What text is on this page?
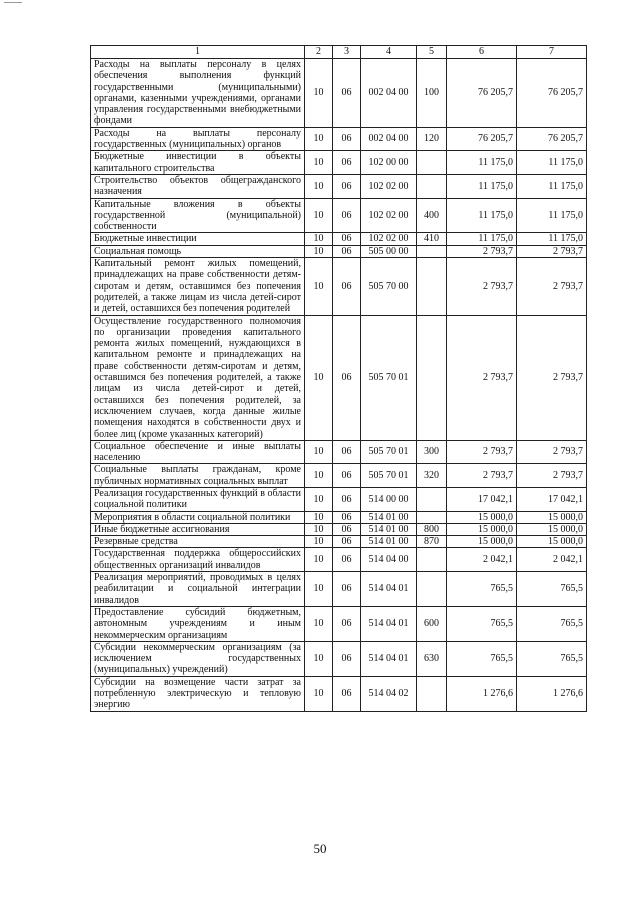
1	2	3	4	5	6	7
Расходы на выплаты персоналу в целях обеспечения выполнения функций государственными (муниципальными) органами, казенными учреждениями, органами управления государственными внебюджетными фондами	10	06	002 04 00	100	76 205,7	76 205,7
Расходы на выплаты персоналу государственных (муниципальных) органов	10	06	002 04 00	120	76 205,7	76 205,7
Бюджетные инвестиции в объекты капитального строительства	10	06	102 00 00		11 175,0	11 175,0
Строительство объектов общегражданского назначения	10	06	102 02 00		11 175,0	11 175,0
Капитальные вложения в объекты государственной (муниципальной) собственности	10	06	102 02 00	400	11 175,0	11 175,0
Бюджетные инвестиции	10	06	102 02 00	410	11 175,0	11 175,0
Социальная помощь	10	06	505 00 00		2 793,7	2 793,7
Капитальный ремонт жилых помещений, принадлежащих на праве собственности детям-сиротам и детям, оставшимся без попечения родителей, а также лицам из числа детей-сирот и детей, оставшихся без попечения родителей	10	06	505 70 00		2 793,7	2 793,7
Осуществление государственного полномочия по организации проведения капитального ремонта жилых помещений, нуждающихся в капитальном ремонте и принадлежащих на праве собственности детям-сиротам и детям, оставшимся без попечения родителей, а также лицам из числа детей-сирот и детей, оставшихся без попечения родителей, за исключением случаев, когда данные жилые помещения находятся в собственности двух и более лиц (кроме указанных категорий)	10	06	505 70 01		2 793,7	2 793,7
Социальное обеспечение и иные выплаты населению	10	06	505 70 01	300	2 793,7	2 793,7
Социальные выплаты гражданам, кроме публичных нормативных социальных выплат	10	06	505 70 01	320	2 793,7	2 793,7
Реализация государственных функций в области социальной политики	10	06	514 00 00		17 042,1	17 042,1
Мероприятия в области социальной политики	10	06	514 01 00		15 000,0	15 000,0
Иные бюджетные ассигнования	10	06	514 01 00	800	15 000,0	15 000,0
Резервные средства	10	06	514 01 00	870	15 000,0	15 000,0
Государственная поддержка общероссийских общественных организаций инвалидов	10	06	514 04 00		2 042,1	2 042,1
Реализация мероприятий, проводимых в целях реабилитации и социальной интеграции инвалидов	10	06	514 04 01		765,5	765,5
Предоставление субсидий бюджетным, автономным учреждениям и иным некоммерческим организациям	10	06	514 04 01	600	765,5	765,5
Субсидии некоммерческим организациям (за исключением государственных (муниципальных) учреждений)	10	06	514 04 01	630	765,5	765,5
Субсидии на возмещение части затрат за потребленную электрическую и тепловую энергию	10	06	514 04 02		1 276,6	1 276,6
50
